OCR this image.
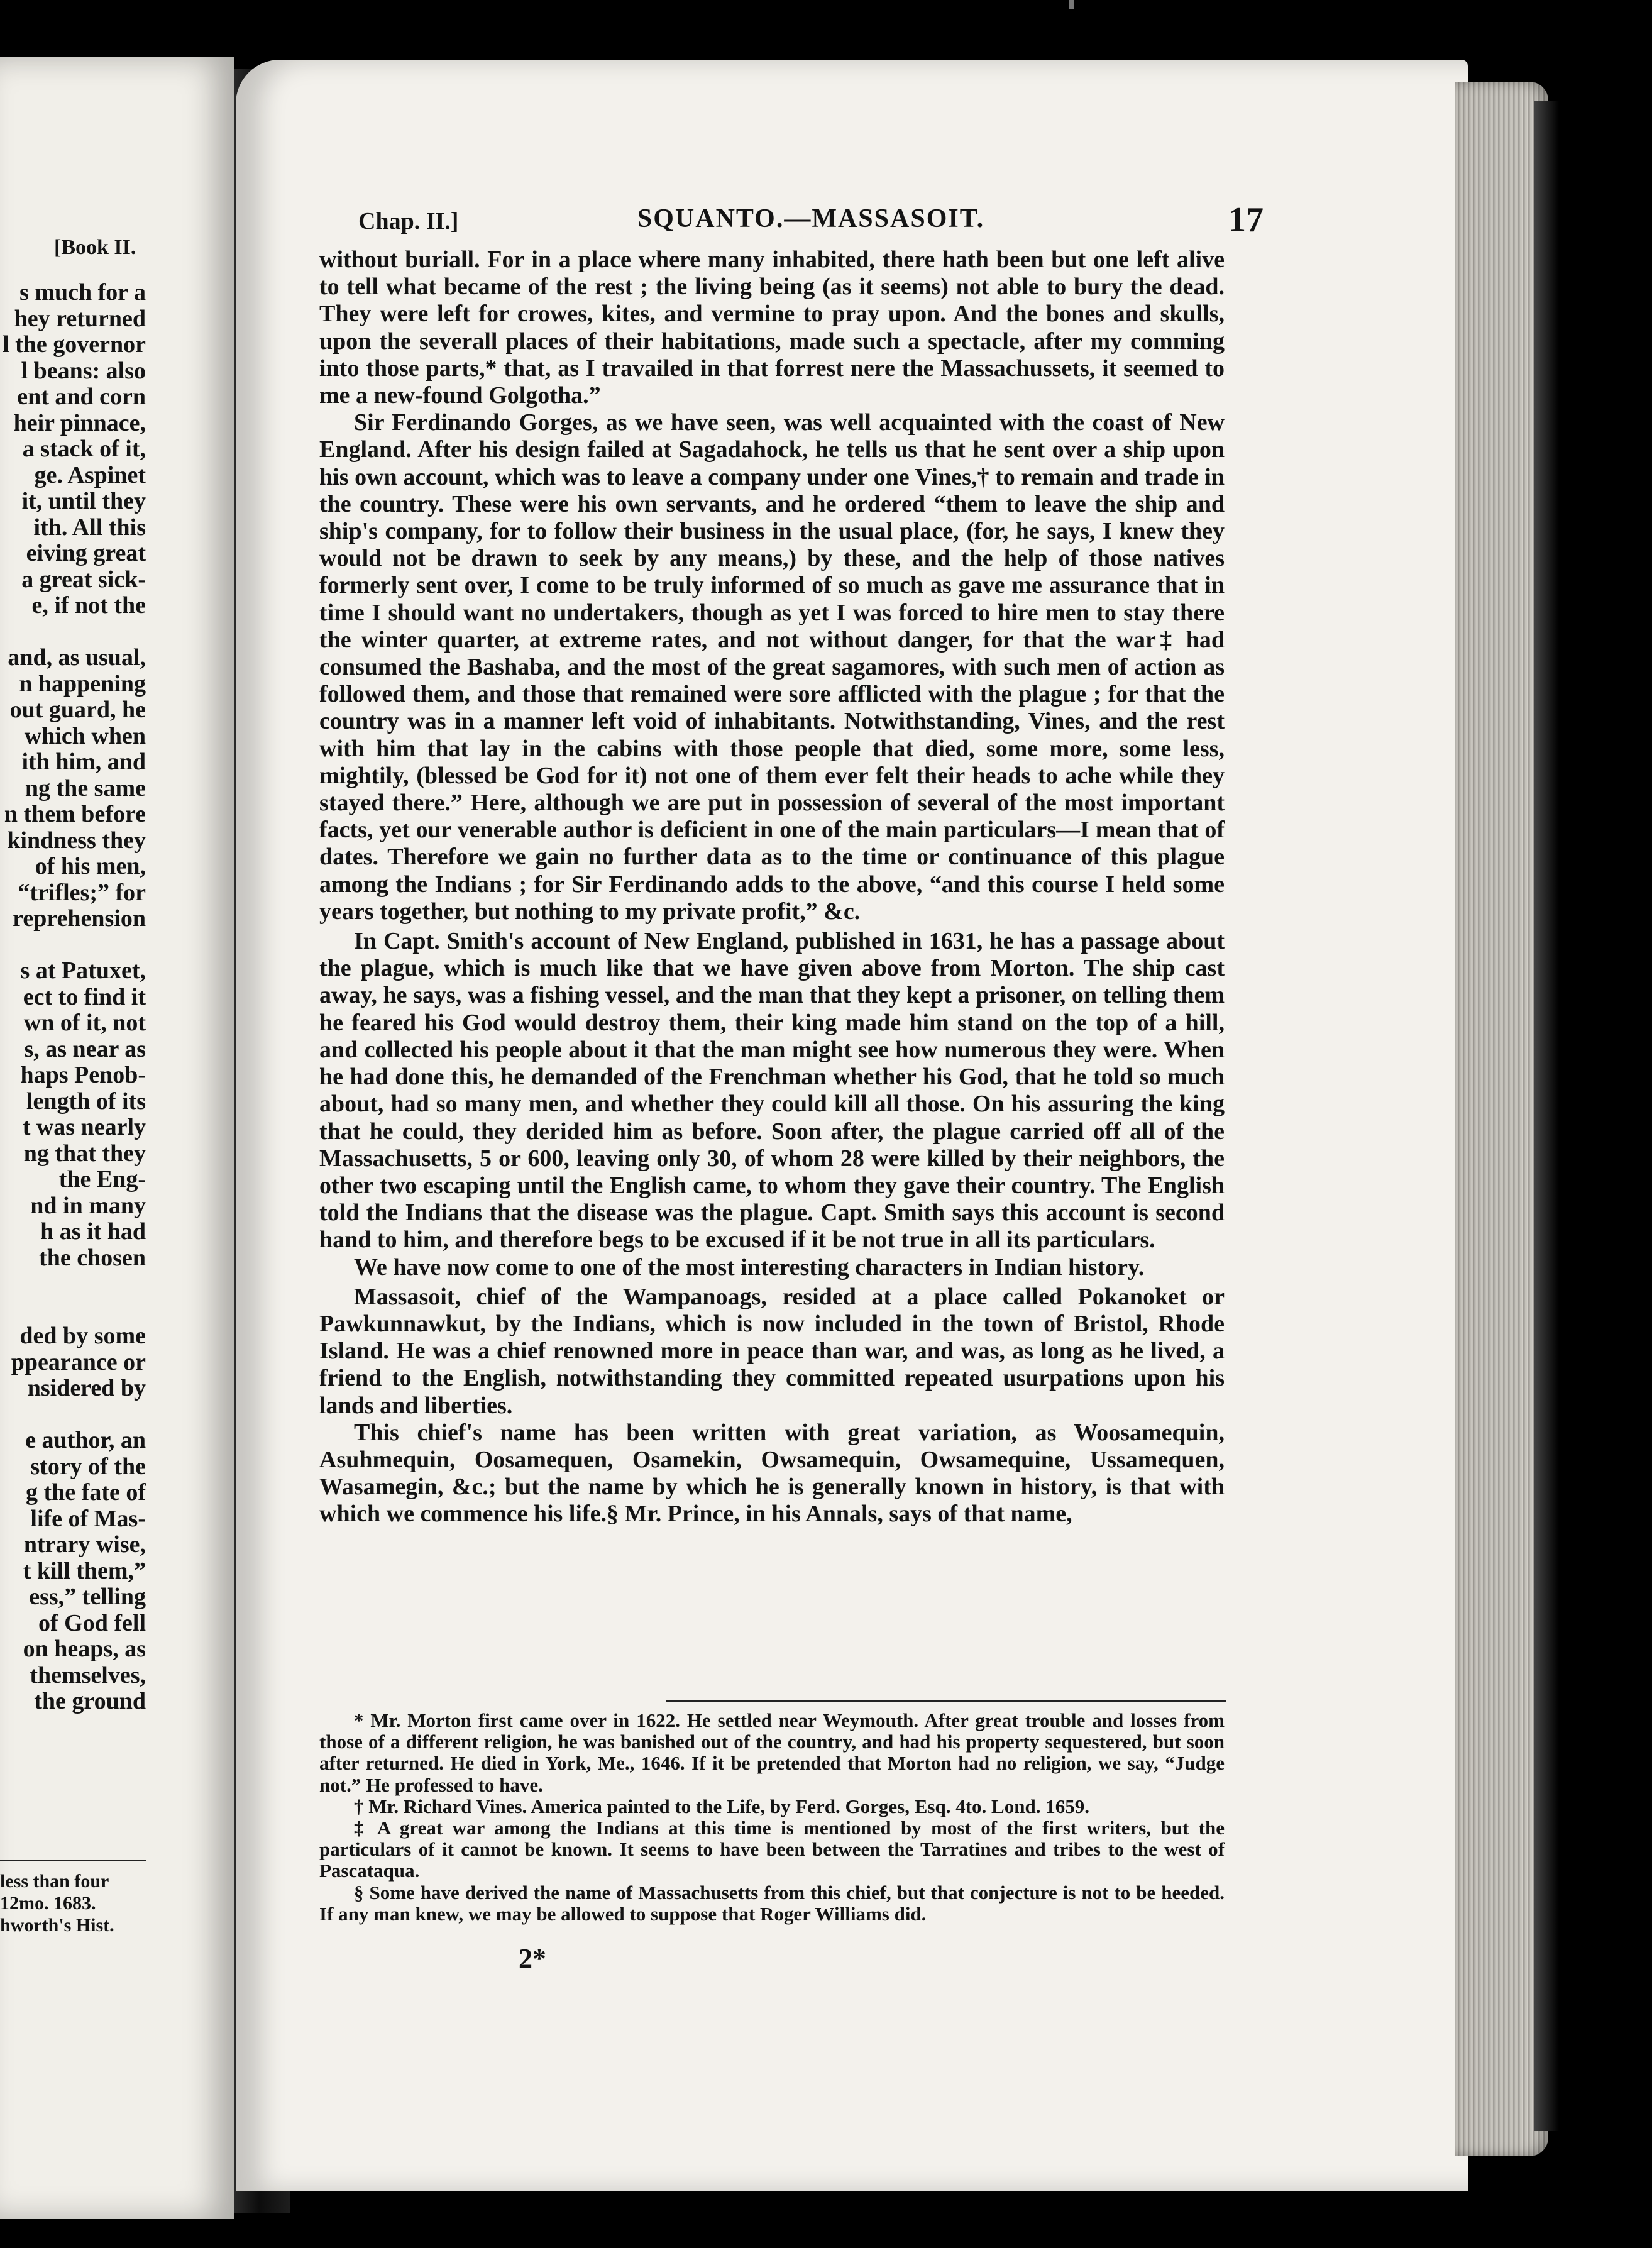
[Book II.
s much for a
hey returned
l the governor
l beans: also
ent and corn
heir pinnace,
a stack of it,
ge. Aspinet
it, until they
ith. All this
eiving great
a great sick-
e, if not the
and, as usual,
n happening
out guard, he
which when
ith him, and
ng the same
n them before
kindness they
of his men,
“trifles;” for
reprehension
s at Patuxet,
ect to find it
wn of it, not
s, as near as
haps Penob-
length of its
t was nearly
ng that they
the Eng-
nd in many
h as it had
the chosen
ded by some
ppearance or
nsidered by
e author, an
story of the
g the fate of
life of Mas-
ntrary wise,
t kill them,”
ess,” telling
of God fell
on heaps, as
themselves,
the ground
less than four
12mo. 1683.
hworth's Hist.
Chap. II.]	SQUANTO.—MASSASOIT.	17

without buriall. For in a place where many inhabited, there hath been but one left alive to tell what became of the rest ; the living being (as it seems) not able to bury the dead. They were left for crowes, kites, and vermine to pray upon. And the bones and skulls, upon the severall places of their habitations, made such a spectacle, after my comming into those parts,* that, as I travailed in that forrest nere the Massachussets, it seemed to me a new-found Golgotha.”

Sir Ferdinando Gorges, as we have seen, was well acquainted with the coast of New England. After his design failed at Sagadahock, he tells us that he sent over a ship upon his own account, which was to leave a company under one Vines,† to remain and trade in the country. These were his own servants, and he ordered “them to leave the ship and ship's company, for to follow their business in the usual place, (for, he says, I knew they would not be drawn to seek by any means,) by these, and the help of those natives formerly sent over, I come to be truly informed of so much as gave me assurance that in time I should want no undertakers, though as yet I was forced to hire men to stay there the winter quarter, at extreme rates, and not without danger, for that the war‡ had consumed the Bashaba, and the most of the great sagamores, with such men of action as followed them, and those that remained were sore afflicted with the plague ; for that the country was in a manner left void of inhabitants. Notwithstanding, Vines, and the rest with him that lay in the cabins with those people that died, some more, some less, mightily, (blessed be God for it) not one of them ever felt their heads to ache while they stayed there.” Here, although we are put in possession of several of the most important facts, yet our venerable author is deficient in one of the main particulars—I mean that of dates. Therefore we gain no further data as to the time or continuance of this plague among the Indians ; for Sir Ferdinando adds to the above, “and this course I held some years together, but nothing to my private profit,” &c.

In Capt. Smith's account of New England, published in 1631, he has a passage about the plague, which is much like that we have given above from Morton. The ship cast away, he says, was a fishing vessel, and the man that they kept a prisoner, on telling them he feared his God would destroy them, their king made him stand on the top of a hill, and collected his people about it that the man might see how numerous they were. When he had done this, he demanded of the Frenchman whether his God, that he told so much about, had so many men, and whether they could kill all those. On his assuring the king that he could, they derided him as before. Soon after, the plague carried off all of the Massachusetts, 5 or 600, leaving only 30, of whom 28 were killed by their neighbors, the other two escaping until the English came, to whom they gave their country. The English told the Indians that the disease was the plague. Capt. Smith says this account is second hand to him, and therefore begs to be excused if it be not true in all its particulars.

We have now come to one of the most interesting characters in Indian history.

Massasoit, chief of the Wampanoags, resided at a place called Pokanoket or Pawkunnawkut, by the Indians, which is now included in the town of Bristol, Rhode Island. He was a chief renowned more in peace than war, and was, as long as he lived, a friend to the English, notwithstanding they committed repeated usurpations upon his lands and liberties.

This chief's name has been written with great variation, as Woosamequin, Asuhmequin, Oosamequen, Osamekin, Owsamequin, Owsamequine, Ussamequen, Wasamegin, &c.; but the name by which he is generally known in history, is that with which we commence his life.§ Mr. Prince, in his Annals, says of that name,

* Mr. Morton first came over in 1622. He settled near Weymouth. After great trouble and losses from those of a different religion, he was banished out of the country, and had his property sequestered, but soon after returned. He died in York, Me., 1646. If it be pretended that Morton had no religion, we say, “Judge not.” He professed to have.

† Mr. Richard Vines. America painted to the Life, by Ferd. Gorges, Esq. 4to. Lond. 1659.

‡ A great war among the Indians at this time is mentioned by most of the first writers, but the particulars of it cannot be known. It seems to have been between the Tarratines and tribes to the west of Pascataqua.

§ Some have derived the name of Massachusetts from this chief, but that conjecture is not to be heeded. If any man knew, we may be allowed to suppose that Roger Williams did.

2*
